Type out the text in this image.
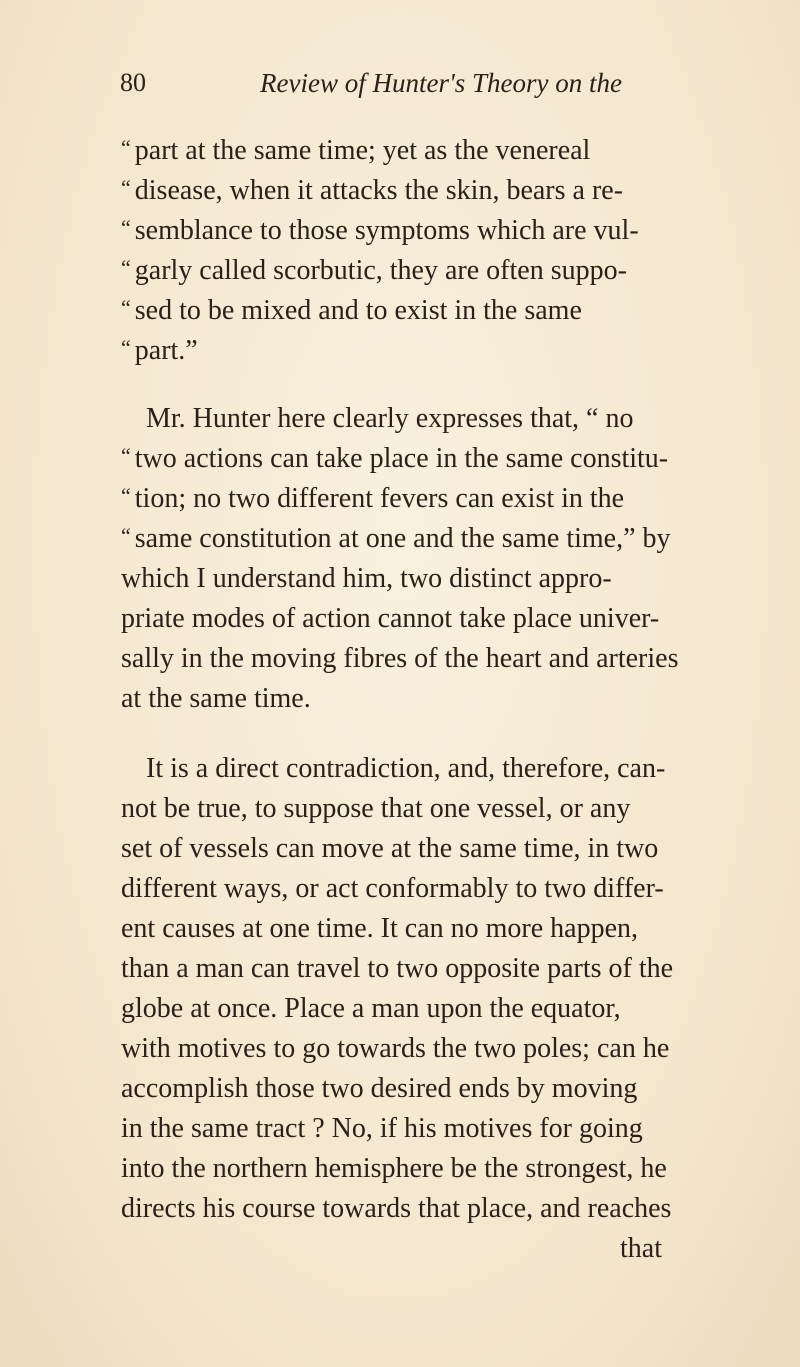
80	Review of Hunter's Theory on the
“ part at the same time; yet as the venereal
“ disease, when it attacks the skin, bears a re-
“ semblance to those symptoms which are vul-
“ garly called scorbutic, they are often suppo-
“ sed to be mixed and to exist in the same
“ part.”
Mr. Hunter here clearly expresses that, “ no
“ two actions can take place in the same constitu-
“ tion; no two different fevers can exist in the
“ same constitution at one and the same time,” by
which I understand him, two distinct appro-
priate modes of action cannot take place univer-
sally in the moving fibres of the heart and arteries
at the same time.
It is a direct contradiction, and, therefore, can-
not be true, to suppose that one vessel, or any
set of vessels can move at the same time, in two
different ways, or act conformably to two differ-
ent causes at one time. It can no more happen,
than a man can travel to two opposite parts of the
globe at once. Place a man upon the equator,
with motives to go towards the two poles; can he
accomplish those two desired ends by moving
in the same tract ? No, if his motives for going
into the northern hemisphere be the strongest, he
directs his course towards that place, and reaches
that
